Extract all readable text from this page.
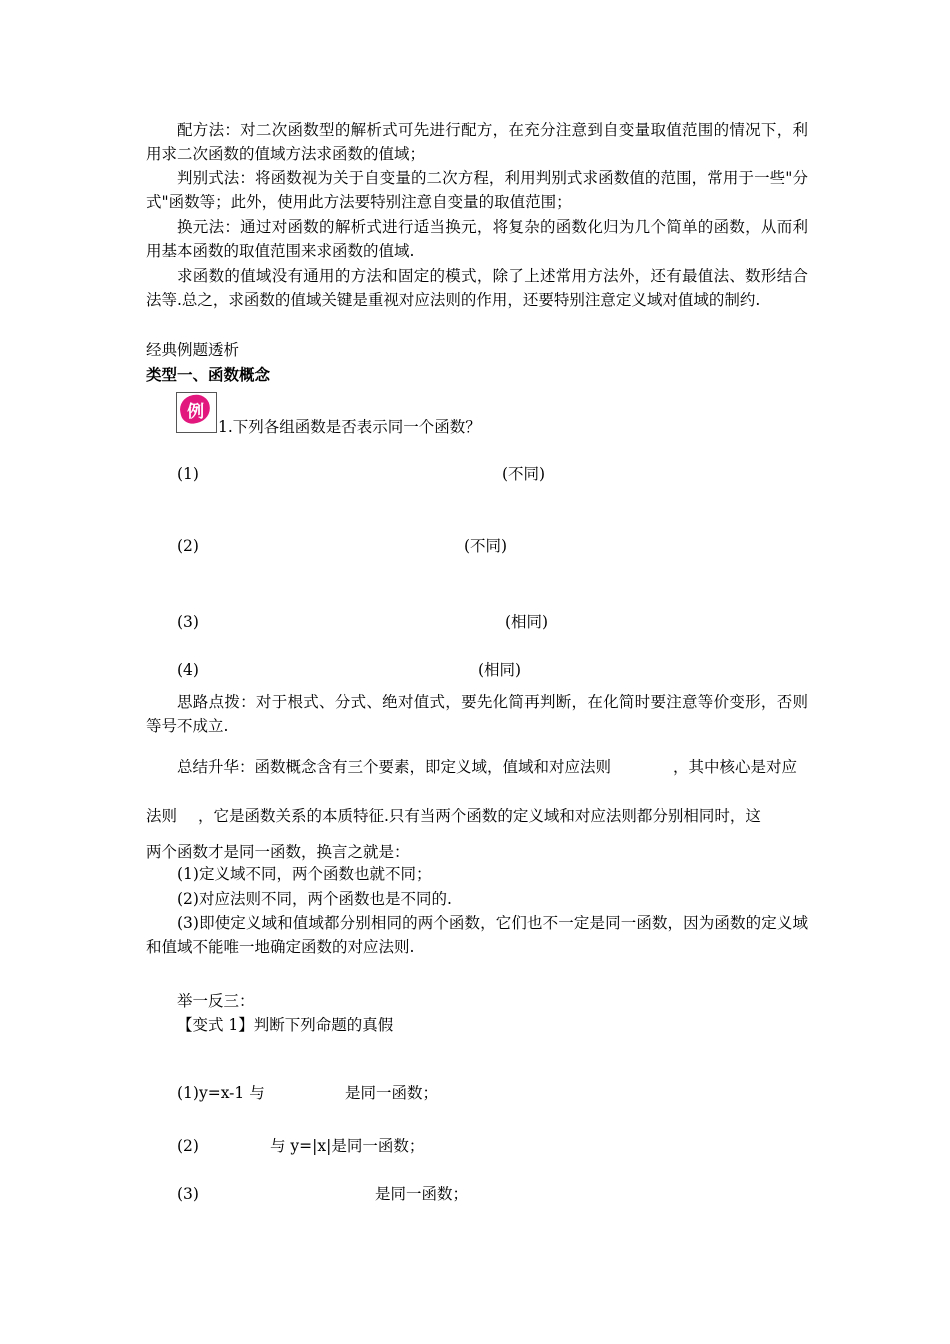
配方法：对二次函数型的解析式可先进行配方，在充分注意到自变量取值范围的情况下，利用求二次函数的值域方法求函数的值域；
判别式法：将函数视为关于自变量的二次方程，利用判别式求函数值的范围，常用于一些"分式"函数等；此外，使用此方法要特别注意自变量的取值范围；
换元法：通过对函数的解析式进行适当换元，将复杂的函数化归为几个简单的函数，从而利用基本函数的取值范围来求函数的值域.
求函数的值域没有通用的方法和固定的模式，除了上述常用方法外，还有最值法、数形结合法等.总之，求函数的值域关键是重视对应法则的作用，还要特别注意定义域对值域的制约.
经典例题透析
类型一、函数概念
例
1.下列各组函数是否表示同一个函数？
(1)	(不同)
(2)	(不同)
(3)	(相同)
(4)	(相同)
思路点拨：对于根式、分式、绝对值式，要先化简再判断，在化简时要注意等价变形，否则等号不成立.
总结升华：函数概念含有三个要素，即定义域，值域和对应法则	，其中核心是对应
法则 ，它是函数关系的本质特征.只有当两个函数的定义域和对应法则都分别相同时，这
两个函数才是同一函数，换言之就是：
(1)定义域不同，两个函数也就不同；
(2)对应法则不同，两个函数也是不同的.
(3)即使定义域和值域都分别相同的两个函数，它们也不一定是同一函数，因为函数的定义域和值域不能唯一地确定函数的对应法则.
举一反三：
【变式 1】判断下列命题的真假
(1)y=x-1 与	是同一函数；
(2)	与 y=|x|是同一函数；
(3)	是同一函数；
